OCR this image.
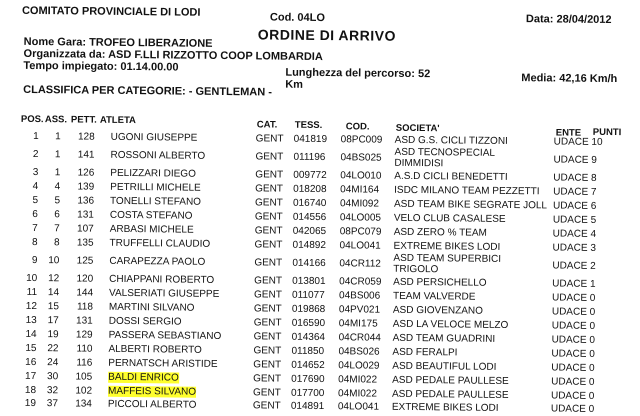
COMITATO PROVINCIALE DI LODI	Cod. 04LO	Data: 28/04/2012
ORDINE DI ARRIVO
Nome Gara: TROFEO LIBERAZIONE
Organizzata da: ASD F.LLI RIZZOTTO COOP LOMBARDIA
Tempo impiegato: 01.14.00.00	Lunghezza del percorso: 52
Km	Media: 42,16 Km/h
CLASSIFICA PER CATEGORIE: - GENTLEMAN -
POS. ASS. PETT. ATLETA	CAT. TESS. COD.	SOCIETA'	ENTE PUNTI
1	1	128 UGONI GIUSEPPE	GENT 041819 08PC009 ASD G.S. CICLI TIZZONI	UDACE 10
2	1	141 ROSSONI ALBERTO	GENT 011196 04BS025 ASD TECNOSPECIAL
DIMMIDISI	UDACE 9
3	1	126 PELIZZARI DIEGO	GENT 009772 04LO010 A.S.D CICLI BENEDETTI	UDACE 8
4	4	139 PETRILLI MICHELE	GENT 018208 04MI164 ISDC MILANO TEAM PEZZETTI UDACE 7
5	5	136 TONELLI STEFANO	GENT 016740 04MI092 ASD TEAM BIKE SEGRATE JOLL UDACE 6
6	6	131 COSTA STEFANO	GENT 014556 04LO005 VELO CLUB CASALESE	UDACE 5
7	7	107 ARBASI MICHELE	GENT 042065 08PC079 ASD ZERO % TEAM	UDACE 4
8	8	135 TRUFFELLI CLAUDIO	GENT 014892 04LO041 EXTREME BIKES LODI	UDACE 3
9 10	125 CARAPEZZA PAOLO	GENT 014166 04CR112 ASD TEAM SUPERBICI
TRIGOLO	UDACE 2
10 12	120 CHIAPPANI ROBERTO	GENT 013801 04CR059 ASD PERSICHELLO	UDACE 1
11 14	144 VALSERIATI GIUSEPPE	GENT 011077 04BS006 TEAM VALVERDE	UDACE 0
12 15	118 MARTINI SILVANO	GENT 019868 04PV021 ASD GIOVENZANO	UDACE 0
13 17	131 DOSSI SERGIO	GENT 016590 04MI175 ASD LA VELOCE MELZO	UDACE 0
14 19	129 PASSERA SEBASTIANO	GENT 014364 04CR044 ASD TEAM GUADRINI	UDACE 0
15 22	110 ALBERTI ROBERTO	GENT 011850 04BS026 ASD FERALPI	UDACE 0
16 24	116 PERNATSCH ARISTIDE	GENT 014652 04LO029 ASD BEAUTIFUL LODI	UDACE 0
17 30	105 BALDI ENRICO	GENT 017690 04MI022 ASD PEDALE PAULLESE	UDACE 0
18 32	102 MAFFEIS SILVANO	GENT 017700 04MI022 ASD PEDALE PAULLESE	UDACE 0
19 37	134 PICCOLI ALBERTO	GENT 014891 04LO041 EXTREME BIKES LODI	UDACE 0
